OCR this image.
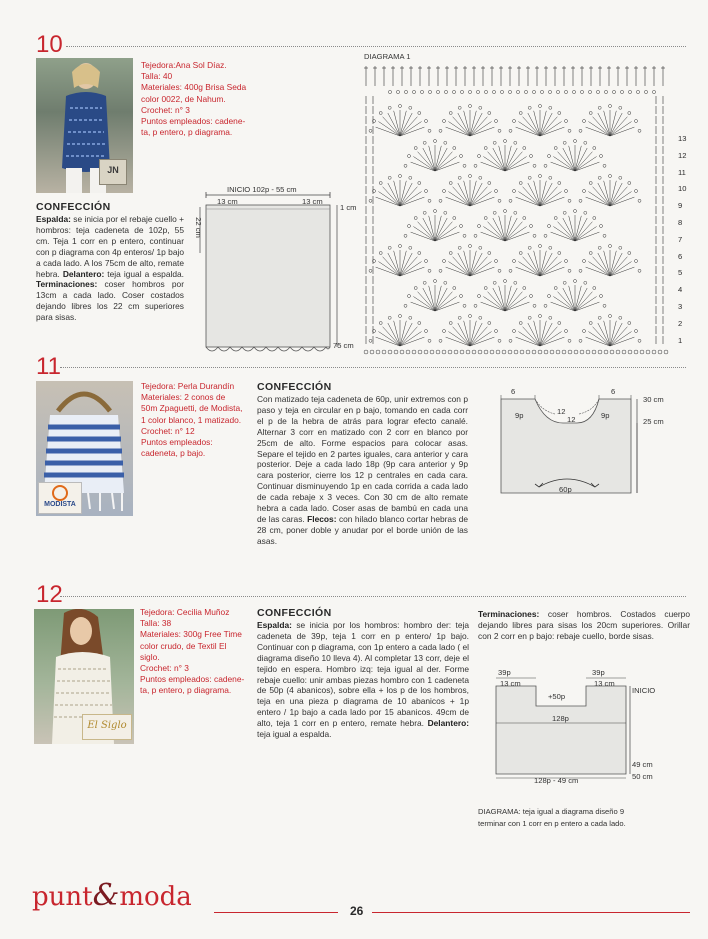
10
JN
Tejedora:Ana Sol Díaz.
Talla: 40
Materiales: 400g Brisa Seda
color 0022, de Nahum.
Crochet: n° 3
Puntos empleados: cadene-
ta, p entero, p diagrama.
CONFECCIÓN
Espalda: se inicia por el rebaje cuello + hombros: teja cadeneta de 102p, 55 cm. Teja 1 corr en p entero, continuar con p diagrama con 4p enteros/ 1p bajo a cada lado. A los 75cm de alto, remate hebra. Delantero: teja igual a espalda. Terminaciones: coser hombros por 13cm a cada lado. Coser costados dejando libres los 22 cm superiores para sisas.
INICIO 102p - 55 cm
13 cm	13 cm
1 cm
22 cm
75 cm
DIAGRAMA 1
13
12
11
10
9
8
7
6
5
4
3
2
1
11
MODISTA
Tejedora: Perla Durandín
Materiales: 2 conos de
50m Zpaguetti, de Modista,
1 color blanco, 1 matizado.
Crochet: n° 12
Puntos empleados:
cadeneta, p bajo.
CONFECCIÓN
Con matizado teja cadeneta de 60p, unir extremos con p paso y teja en circular en p bajo, tomando en cada corr el p de la hebra de atrás para lograr efecto canalé. Alternar 3 corr en matizado con 2 corr en blanco por 25cm de alto. Forme espacios para colocar asas. Separe el tejido en 2 partes iguales, cara anterior y cara posterior. Deje a cada lado 18p (9p cara anterior y 9p cara posterior, cierre los 12 p centrales en cada cara. Continuar disminuyendo 1p en cada corrida a cada lado de cada rebaje x 3 veces. Con 30 cm de alto remate hebra a cada lado. Coser asas de bambú en cada una de las caras. Flecos: con hilado blanco cortar hebras de 28 cm, poner doble y anudar por el borde unión de las asas.
6	6
9p	12
12	9p
60p
30 cm
25 cm
12
El Siglo
Tejedora: Cecilia Muñoz
Talla: 38
Materiales: 300g Free Time
color crudo, de Textil El
siglo.
Crochet: n° 3
Puntos empleados: cadene-
ta, p entero, p diagrama.
CONFECCIÓN
Espalda: se inicia por los hombros: hombro der: teja cadeneta de 39p, teja 1 corr en p entero/ 1p bajo. Continuar con p diagrama, con 1p entero a cada lado ( el diagrama diseño 10 lleva 4). Al completar 13 corr, deje el tejido en espera. Hombro izq: teja igual al der. Forme rebaje cuello: unir ambas piezas hombro con 1 cadeneta de 50p (4 abanicos), sobre ella + los p de los hombros, teja en una pieza p diagrama de 10 abanicos + 1p entero / 1p bajo a cada lado por 15 abanicos. 49cm de alto, teja 1 corr en p entero, remate hebra. Delantero: teja igual a espalda.
Terminaciones: coser hombros. Costados cuerpo dejando libres para sisas los 20cm superiores. Orillar con 2 corr en p bajo: rebaje cuello, borde sisas.
39p	39p
13 cm	13 cm
+50p
128p
128p - 49 cm
INICIO
49 cm
50 cm
DIAGRAMA: teja igual a diagrama diseño 9
terminar con 1 corr en p entero a cada lado.
punt&moda	26
